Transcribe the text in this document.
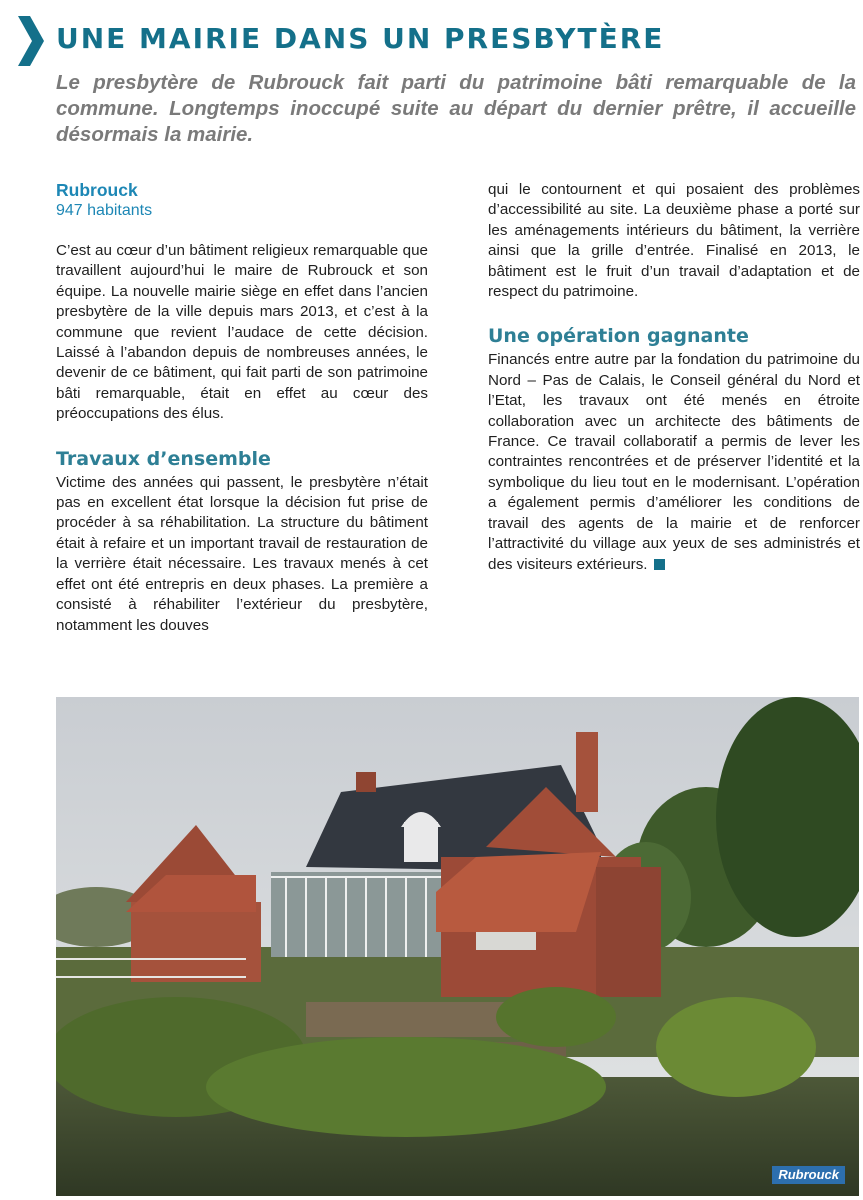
UNE MAIRIE DANS UN PRESBYTÈRE

Le presbytère de Rubrouck fait parti du patrimoine bâti remarquable de la commune. Longtemps inoccupé suite au départ du dernier prêtre, il accueille désormais la mairie.

Rubrouck
947 habitants

C’est au cœur d’un bâtiment religieux remarquable que travaillent aujourd’hui le maire de Rubrouck et son équipe. La nouvelle mairie siège en effet dans l’ancien presbytère de la ville depuis mars 2013, et c’est à la commune que revient l’audace de cette décision. Laissé à l’abandon depuis de nombreuses années, le devenir de ce bâtiment, qui fait parti de son patrimoine bâti remarquable, était en effet au cœur des préoccupations des élus.

Travaux d’ensemble

Victime des années qui passent, le presbytère n’était pas en excellent état lorsque la décision fut prise de procéder à sa réhabilitation. La structure du bâtiment était à refaire et un important travail de restauration de la verrière était nécessaire. Les travaux menés à cet effet ont été entrepris en deux phases. La première a consisté à réhabiliter l’extérieur du presbytère, notamment les douves

qui le contournent et qui posaient des problèmes d’accessibilité au site. La deuxième phase a porté sur les aménagements intérieurs du bâtiment, la verrière ainsi que la grille d’entrée. Finalisé en 2013, le bâtiment est le fruit d’un travail d’adaptation et de respect du patrimoine.

Une opération gagnante

Financés entre autre par la fondation du patrimoine du Nord – Pas de Calais, le Conseil général du Nord et l’Etat, les travaux ont été menés en étroite collaboration avec un architecte des bâtiments de France. Ce travail collaboratif a permis de lever les contraintes rencontrées et de préserver l’identité et la symbolique du lieu tout en le modernisant. L’opération a également permis d’améliorer les conditions de travail des agents de la mairie et de renforcer l’attractivité du village aux yeux de ses administrés et des visiteurs extérieurs.

Rubrouck
